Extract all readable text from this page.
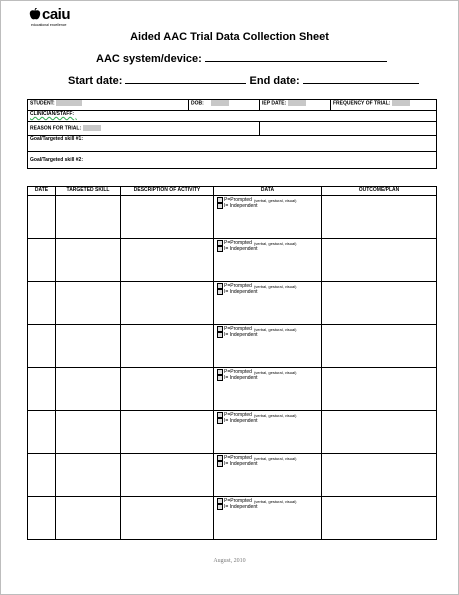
caiu
educational excellence
Aided AAC Trial Data Collection Sheet
AAC system/device:
Start date:	End date:
STUDENT:	DOB:	IEP DATE:	FREQUENCY OF TRIAL:
CLINICIAN/STAFF:			
REASON FOR TRIAL:			
Goal/Targeted skill #1:			
Goal/Targeted skill #2:			
DATE	TARGETED SKILL	DESCRIPTION OF ACTIVITY	DATA	OUTCOME/PLAN

			P=Prompted (verbal, gestural, visual)
I= Independent	

			P=Prompted (verbal, gestural, visual)
I= Independent	

			P=Prompted (verbal, gestural, visual)
I= Independent	

			P=Prompted (verbal, gestural, visual)
I= Independent	

			P=Prompted (verbal, gestural, visual)
I= Independent	

			P=Prompted (verbal, gestural, visual)
I= Independent	

			P=Prompted (verbal, gestural, visual)
I= Independent	

			P=Prompted (verbal, gestural, visual)
I= Independent	

August, 2010
